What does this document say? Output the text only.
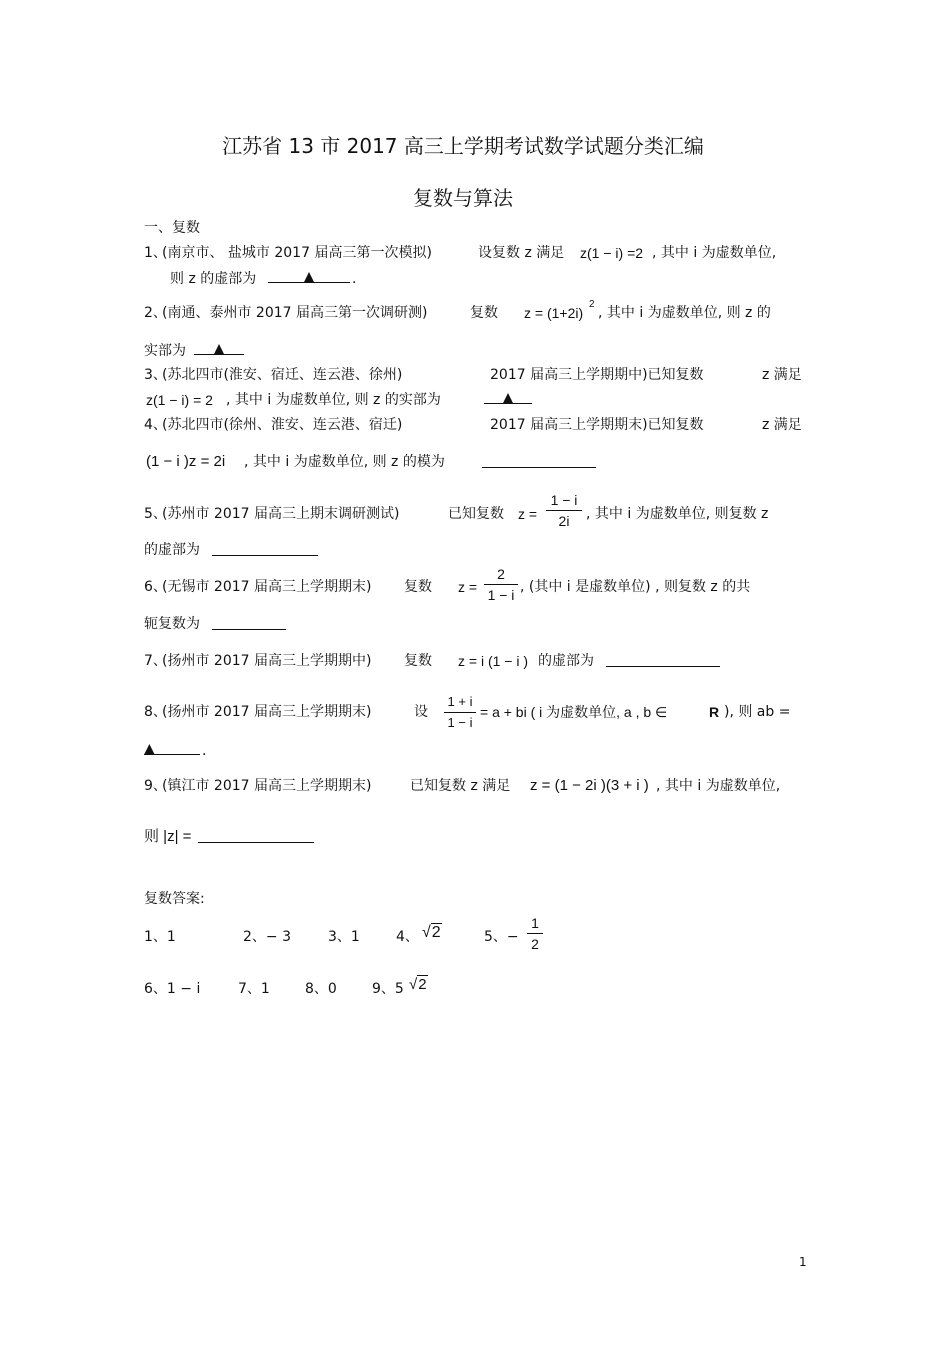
江苏省 13 市 2017 高三上学期考试数学试题分类汇编
复数与算法
一、复数
1、
(南京市、 盐城市 2017 届高三第一次模拟)	设复数 z 满足 z(1 − i) =2 , 其中 i 为虚数单位,
则 z 的虚部为	▲	.
2、
(南通、泰州市 2017 届高三第一次调研测)	复数 z = (1+2i)
2
, 其中 i 为虚数单位, 则 z 的
实部为	▲
3、
(苏北四市(淮安、宿迁、连云港、徐州)	2017 届高三上学期期中)已知复数	z 满足
z(1 − i) = 2 , 其中 i 为虚数单位, 则 z 的实部为	▲
4、
(苏北四市(徐州、淮安、连云港、宿迁)	2017 届高三上学期期末)已知复数	z 满足
(1 − i )z = 2i , 其中 i 为虚数单位, 则 z 的模为
5、
(苏州市 2017 届高三上期末调研测试)	已知复数 z =
1 − i
2i	, 其中 i 为虚数单位, 则复数 z
的虚部为
6、
(无锡市 2017 届高三上学期期末) 复数 z =
2
1 − i , (其中 i 是虚数单位) , 则复数 z 的共
轭复数为
7、
(扬州市 2017 届高三上学期期中) 复数 z = i (1 − i ) 的虚部为
8、
(扬州市 2017 届高三上学期期末)	设
1 + i
1 − i
= a + bi ( i 为虚数单位, a , b ∈	R ), 则 ab =
▲	.
9、
(镇江市 2017 届高三上学期期末)	已知复数 z 满足 z = (1 − 2i )(3 + i ) , 其中 i 为虚数单位,
则 |z| =
复数答案:
1、1	2、− 3	3、1	4、 √2	5、−
1
2
6、1 − i	7、1	8、0	9、5 √2
1
